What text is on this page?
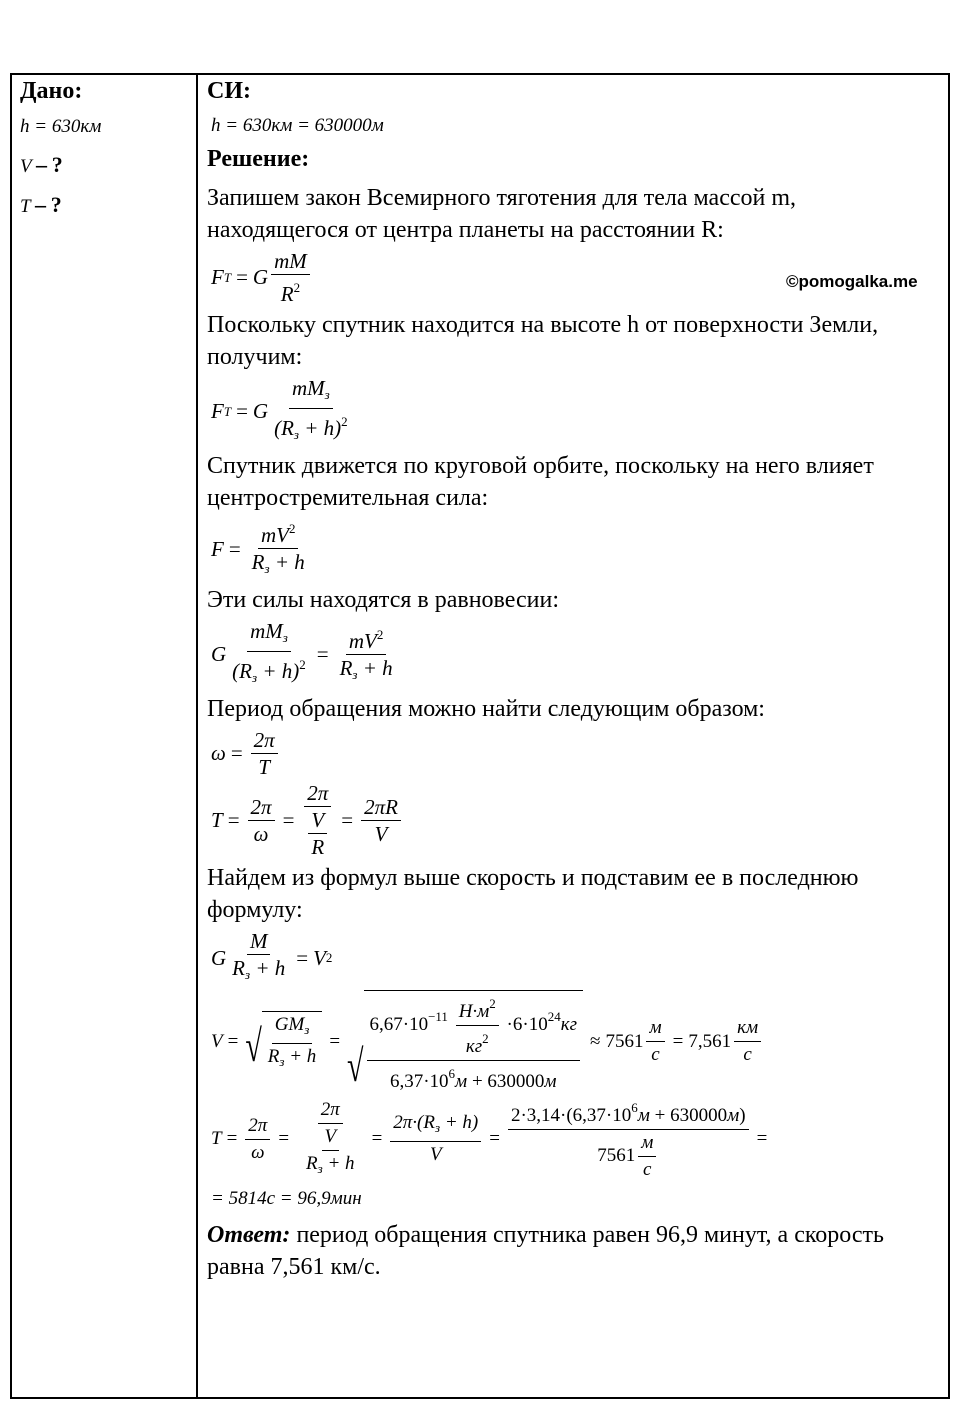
Дано:
h = 630км
V – ?
T – ?
СИ:
h = 630км = 630000м
Решение:
Запишем закон Всемирного тяготения для тела массой m, находящегося от центра планеты на расстоянии R:
F T = G $\frac{mM}{R^2}$
Поскольку спутник находится на высоте h от поверхности Земли, получим:
F T = G $\frac{mM_з}{(R_з + h)^2}$
Спутник движется по круговой орбите, поскольку на него влияет центростремительная сила:
$F = \frac{mV^2}{R_з + h}$
Эти силы находятся в равновесии:
G $\frac{mM_з}{(R_з + h)^2} = \frac{mV^2}{R_з + h}$
Период обращения можно найти следующим образом:
$\omega = \frac{2\pi}{T}$
$T = \frac{2\pi}{\omega} = \frac{2\pi}{\frac{V}{R}} = \frac{2\pi R}{V}$
Найдем из формул выше скорость и подставим ее в последнюю формулу:
G $\frac{M}{R_з + h} = V$ 2
V = √ $\frac{GM_з}{R_з + h}$ =
√ $\frac{6,67\cdot 10^{-11} \frac{Н\cdot м^2}{кг^2} \cdot 6\cdot 10^{24}кг}{6,37\cdot 10^6м + 630000м} \approx 7561 \frac{м}{с} = 7,561 \frac{км}{с}$
$T = \frac{2\pi}{\omega} = \frac{2\pi}{\frac{V}{R_з + h}} = \frac{2\pi\cdot(R_з + h)}{V} = \frac{2\cdot 3,14\cdot(6,37\cdot 10^6м + 630000м)}{7561 \frac{м}{с}}$ =
= 5814с = 96,9мин
Ответ: период обращения спутника равен 96,9 минут, а скорость равна 7,561 км/с.
©pomogalka.me
